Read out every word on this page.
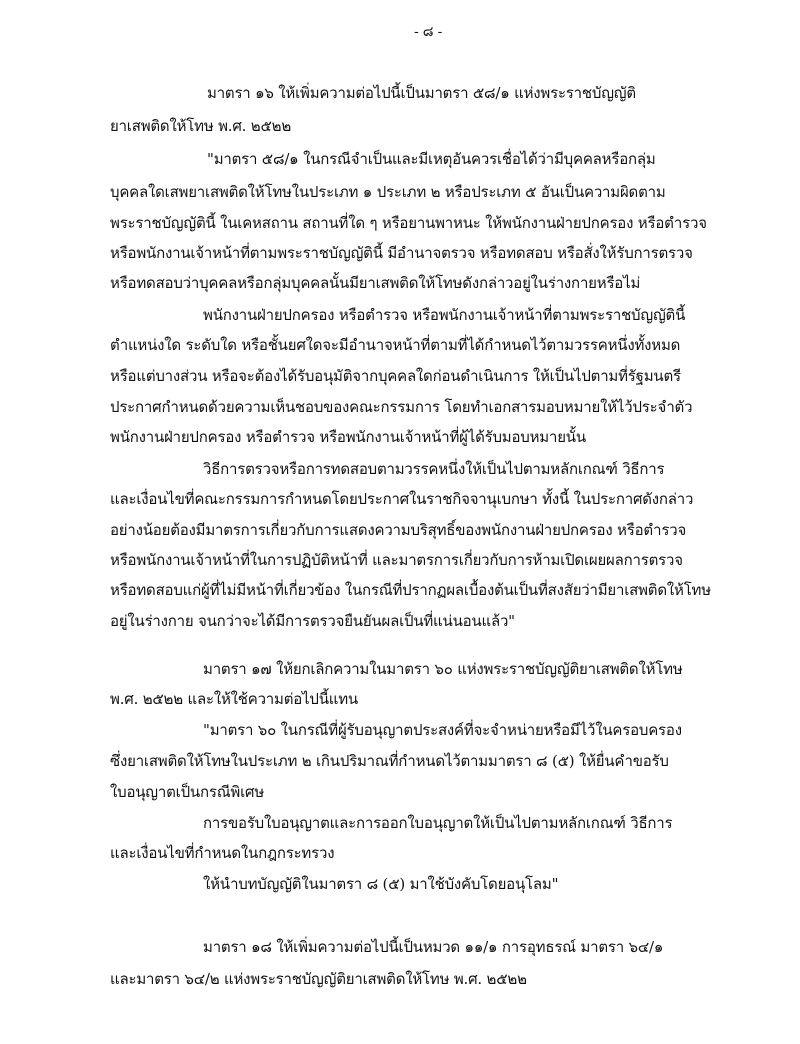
- ๘ -
มาตรา ๑๖ ให้เพิ่มความต่อไปนี้เป็นมาตรา ๕๘/๑ แห่งพระราชบัญญัติ
ยาเสพติดให้โทษ พ.ศ. ๒๕๒๒
"มาตรา ๕๘/๑ ในกรณีจำเป็นและมีเหตุอันควรเชื่อได้ว่ามีบุคคลหรือกลุ่ม
บุคคลใดเสพยาเสพติดให้โทษในประเภท ๑ ประเภท ๒ หรือประเภท ๕ อันเป็นความผิดตาม
พระราชบัญญัตินี้ ในเคหสถาน สถานที่ใด ๆ หรือยานพาหนะ ให้พนักงานฝ่ายปกครอง หรือตำรวจ
หรือพนักงานเจ้าหน้าที่ตามพระราชบัญญัตินี้ มีอำนาจตรวจ หรือทดสอบ หรือสั่งให้รับการตรวจ
หรือทดสอบว่าบุคคลหรือกลุ่มบุคคลนั้นมียาเสพติดให้โทษดังกล่าวอยู่ในร่างกายหรือไม่
พนักงานฝ่ายปกครอง หรือตำรวจ หรือพนักงานเจ้าหน้าที่ตามพระราชบัญญัตินี้
ตำแหน่งใด ระดับใด หรือชั้นยศใดจะมีอำนาจหน้าที่ตามที่ได้กำหนดไว้ตามวรรคหนึ่งทั้งหมด
หรือแต่บางส่วน หรือจะต้องได้รับอนุมัติจากบุคคลใดก่อนดำเนินการ ให้เป็นไปตามที่รัฐมนตรี
ประกาศกำหนดด้วยความเห็นชอบของคณะกรรมการ โดยทำเอกสารมอบหมายให้ไว้ประจำตัว
พนักงานฝ่ายปกครอง หรือตำรวจ หรือพนักงานเจ้าหน้าที่ผู้ได้รับมอบหมายนั้น
วิธีการตรวจหรือการทดสอบตามวรรคหนึ่งให้เป็นไปตามหลักเกณฑ์ วิธีการ
และเงื่อนไขที่คณะกรรมการกำหนดโดยประกาศในราชกิจจานุเบกษา ทั้งนี้ ในประกาศดังกล่าว
อย่างน้อยต้องมีมาตรการเกี่ยวกับการแสดงความบริสุทธิ์ของพนักงานฝ่ายปกครอง หรือตำรวจ
หรือพนักงานเจ้าหน้าที่ในการปฏิบัติหน้าที่ และมาตรการเกี่ยวกับการห้ามเปิดเผยผลการตรวจ
หรือทดสอบแก่ผู้ที่ไม่มีหน้าที่เกี่ยวข้อง ในกรณีที่ปรากฏผลเบื้องต้นเป็นที่สงสัยว่ามียาเสพติดให้โทษ
อยู่ในร่างกาย จนกว่าจะได้มีการตรวจยืนยันผลเป็นที่แน่นอนแล้ว"
มาตรา ๑๗ ให้ยกเลิกความในมาตรา ๖๐ แห่งพระราชบัญญัติยาเสพติดให้โทษ
พ.ศ. ๒๕๒๒ และให้ใช้ความต่อไปนี้แทน
"มาตรา ๖๐ ในกรณีที่ผู้รับอนุญาตประสงค์ที่จะจำหน่ายหรือมีไว้ในครอบครอง
ซึ่งยาเสพติดให้โทษในประเภท ๒ เกินปริมาณที่กำหนดไว้ตามมาตรา ๘ (๕) ให้ยื่นคำขอรับ
ใบอนุญาตเป็นกรณีพิเศษ
การขอรับใบอนุญาตและการออกใบอนุญาตให้เป็นไปตามหลักเกณฑ์ วิธีการ
และเงื่อนไขที่กำหนดในกฎกระทรวง
ให้นำบทบัญญัติในมาตรา ๘ (๕) มาใช้บังคับโดยอนุโลม"
มาตรา ๑๘ ให้เพิ่มความต่อไปนี้เป็นหมวด ๑๑/๑ การอุทธรณ์ มาตรา ๖๔/๑
และมาตรา ๖๔/๒ แห่งพระราชบัญญัติยาเสพติดให้โทษ พ.ศ. ๒๕๒๒
